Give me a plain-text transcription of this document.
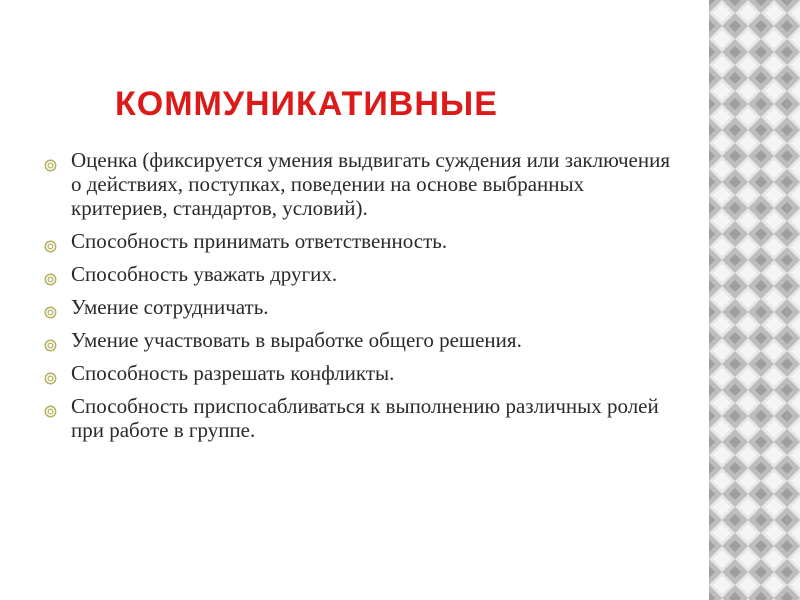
КОММУНИКАТИВНЫЕ
Оценка (фиксируется умения выдвигать суждения или заключения о действиях, поступках, поведении на основе выбранных критериев, стандартов, условий).
Способность принимать ответственность.
Способность уважать других.
Умение сотрудничать.
Умение участвовать в выработке общего решения.
Способность разрешать конфликты.
Способность приспосабливаться к выполнению различных ролей при работе в группе.
